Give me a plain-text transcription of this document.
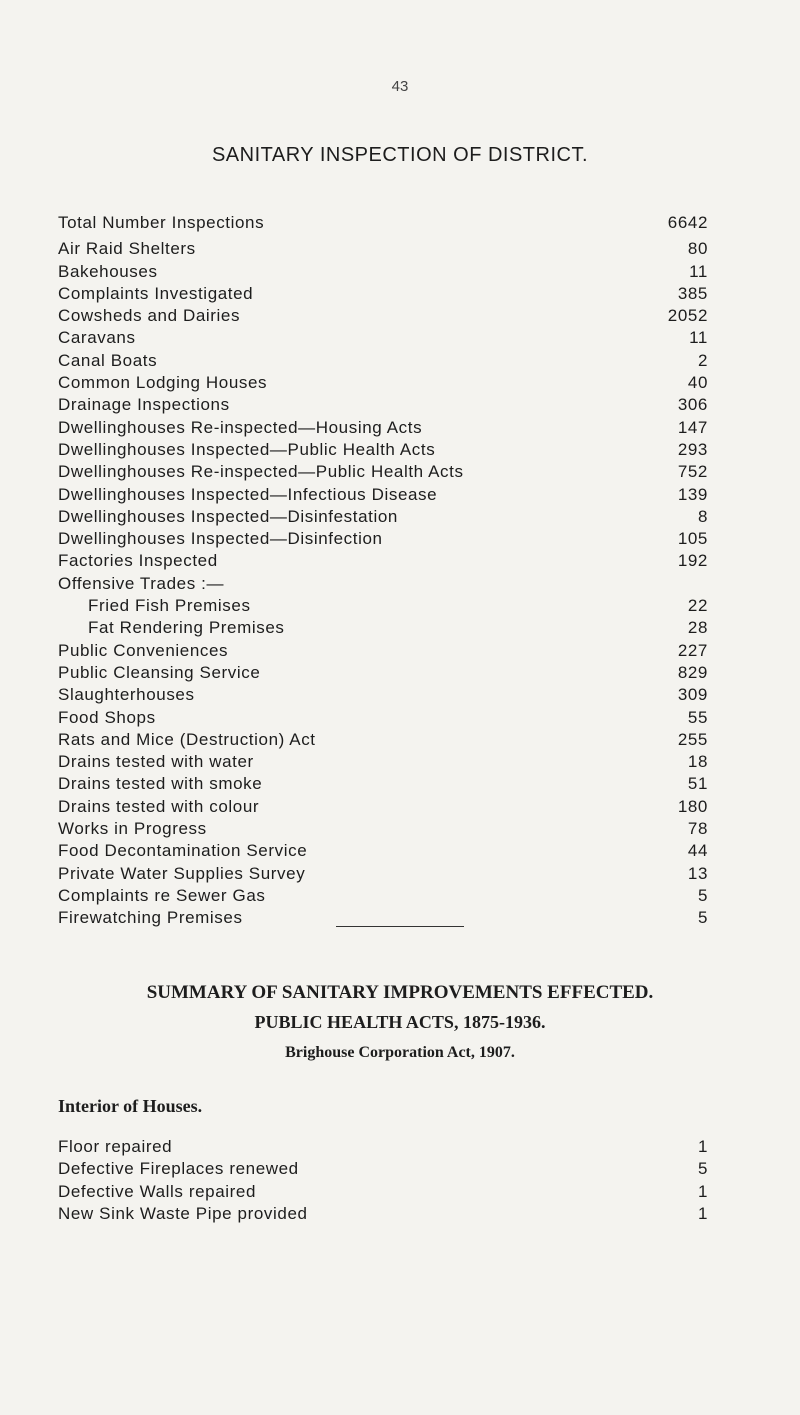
43
SANITARY INSPECTION OF DISTRICT.
Total Number Inspections	6642
Air Raid Shelters	80
Bakehouses	11
Complaints Investigated	385
Cowsheds and Dairies	2052
Caravans	11
Canal Boats	2
Common Lodging Houses	40
Drainage Inspections	306
Dwellinghouses Re-inspected—Housing Acts	147
Dwellinghouses Inspected—Public Health Acts	293
Dwellinghouses Re-inspected—Public Health Acts	752
Dwellinghouses Inspected—Infectious Disease	139
Dwellinghouses Inspected—Disinfestation	8
Dwellinghouses Inspected—Disinfection	105
Factories Inspected	192
Offensive Trades :—
Fried Fish Premises	22
Fat Rendering Premises	28
Public Conveniences	227
Public Cleansing Service	829
Slaughterhouses	309
Food Shops	55
Rats and Mice (Destruction) Act	255
Drains tested with water	18
Drains tested with smoke	51
Drains tested with colour	180
Works in Progress	78
Food Decontamination Service	44
Private Water Supplies Survey	13
Complaints re Sewer Gas	5
Firewatching Premises	5
SUMMARY OF SANITARY IMPROVEMENTS EFFECTED.
PUBLIC HEALTH ACTS, 1875-1936.
Brighouse Corporation Act, 1907.
Interior of Houses.
Floor repaired	1
Defective Fireplaces renewed	5
Defective Walls repaired	1
New Sink Waste Pipe provided	1
